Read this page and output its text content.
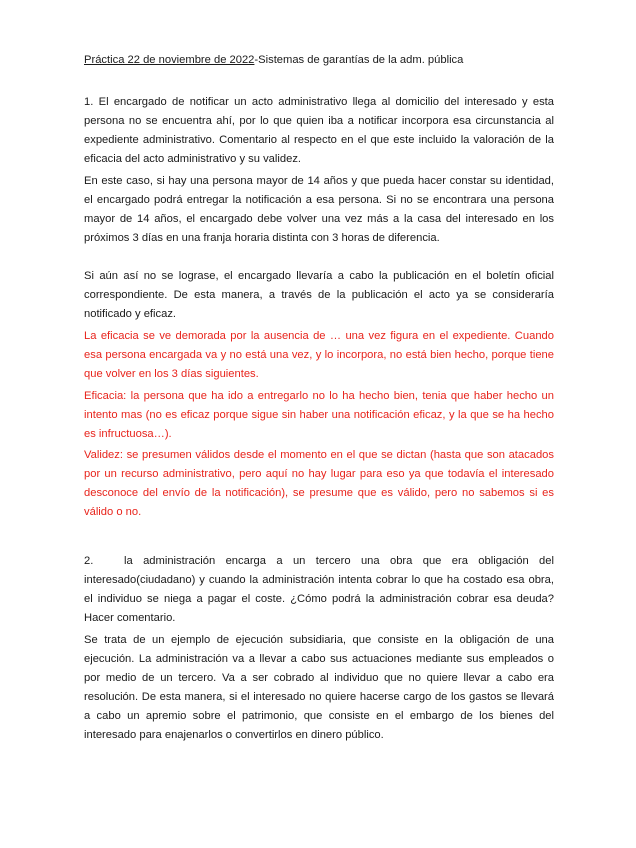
Práctica 22 de noviembre de 2022-Sistemas de garantías de la adm. pública

1. El encargado de notificar un acto administrativo llega al domicilio del interesado y esta persona no se encuentra ahí, por lo que quien iba a notificar incorpora esa circunstancia al expediente administrativo. Comentario al respecto en el que este incluido la valoración de la eficacia del acto administrativo y su validez.

En este caso, si hay una persona mayor de 14 años y que pueda hacer constar su identidad, el encargado podrá entregar la notificación a esa persona. Si no se encontrara una persona mayor de 14 años, el encargado debe volver una vez más a la casa del interesado en los próximos 3 días en una franja horaria distinta con 3 horas de diferencia.

Si aún así no se lograse, el encargado llevaría a cabo la publicación en el boletín oficial correspondiente. De esta manera, a través de la publicación el acto ya se consideraría notificado y eficaz.

La eficacia se ve demorada por la ausencia de … una vez figura en el expediente. Cuando esa persona encargada va y no está una vez, y lo incorpora, no está bien hecho, porque tiene que volver en los 3 días siguientes.

Eficacia: la persona que ha ido a entregarlo no lo ha hecho bien, tenia que haber hecho un intento mas (no es eficaz porque sigue sin haber una notificación eficaz, y la que se ha hecho es infructuosa…).

Validez: se presumen válidos desde el momento en el que se dictan (hasta que son atacados por un recurso administrativo, pero aquí no hay lugar para eso ya que todavía el interesado desconoce del envío de la notificación), se presume que es válido, pero no sabemos si es válido o no.

2.	la administración encarga a un tercero una obra que era obligación del interesado(ciudadano) y cuando la administración intenta cobrar lo que ha costado esa obra, el individuo se niega a pagar el coste. ¿Cómo podrá la administración cobrar esa deuda? Hacer comentario.

Se trata de un ejemplo de ejecución subsidiaria, que consiste en la obligación de una ejecución. La administración va a llevar a cabo sus actuaciones mediante sus empleados o por medio de un tercero. Va a ser cobrado al individuo que no quiere llevar a cabo era resolución. De esta manera, si el interesado no quiere hacerse cargo de los gastos se llevará a cabo un apremio sobre el patrimonio, que consiste en el embargo de los bienes del interesado para enajenarlos o convertirlos en dinero público.
